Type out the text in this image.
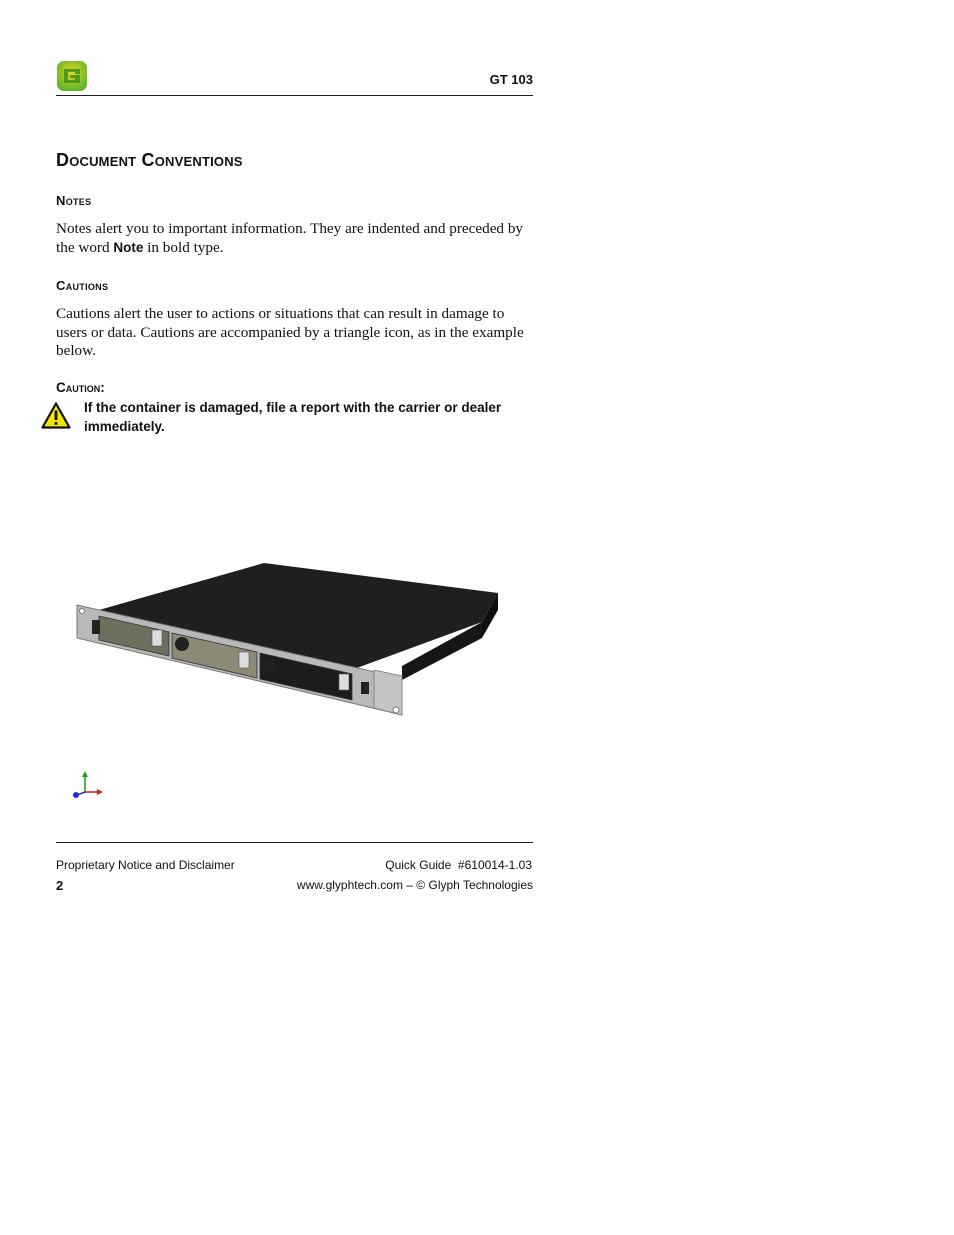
GT 103
Document Conventions
Notes

Notes alert you to important information. They are indented and preceded by the word Note in bold type.

Cautions

Cautions alert the user to actions or situations that can result in damage to users or data. Cautions are accompanied by a triangle icon, as in the example below.

Caution:

If the container is damaged, file a report with the carrier or dealer immediately.

Proprietary Notice and Disclaimer	Quick Guide  #610014-1.03
2	www.glyphtech.com – © Glyph Technologies
